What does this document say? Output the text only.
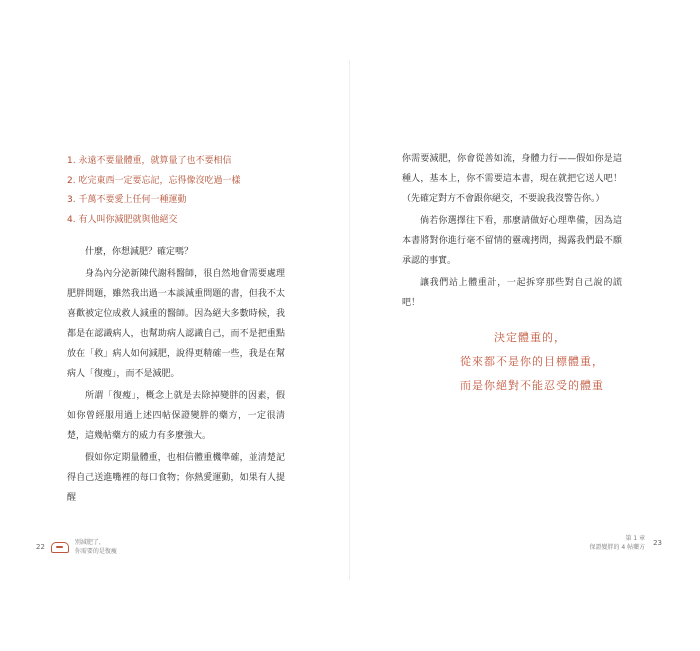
1. 永遠不要量體重，就算量了也不要相信
2. 吃完東西一定要忘記，忘得像沒吃過一樣
3. 千萬不要愛上任何一種運動
4. 有人叫你減肥就與他絕交

什麼，你想減肥？確定嗎？

身為內分泌新陳代謝科醫師，很自然地會需要處理肥胖問題，雖然我出過一本談減重問題的書，但我不太喜歡被定位成救人減重的醫師。因為絕大多數時候，我都是在認識病人，也幫助病人認識自己，而不是把重點放在「救」病人如何減肥，說得更精確一些，我是在幫病人「復瘦」，而不是減肥。

所謂「復瘦」，概念上就是去除掉變胖的因素，假如你曾經服用過上述四帖保證變胖的藥方，一定很清楚，這幾帖藥方的威力有多麼強大。

假如你定期量體重，也相信體重機準確，並清楚記得自己送進嘴裡的每口食物；你熱愛運動，如果有人提醒

22
別減肥了，
你需要的是復瘦

你需要減肥，你會從善如流，身體力行——假如你是這種人，基本上，你不需要這本書，現在就把它送人吧！（先確定對方不會跟你絕交，不要說我沒警告你。）

倘若你選擇往下看，那麼請做好心理準備，因為這本書將對你進行毫不留情的靈魂拷問，揭露我們最不願承認的事實。

讓我們站上體重計，一起拆穿那些對自己說的謊吧！

決定體重的，
從來都不是你的目標體重，
而是你絕對不能忍受的體重
第 1 章
保證變胖的 4 帖藥方
23
